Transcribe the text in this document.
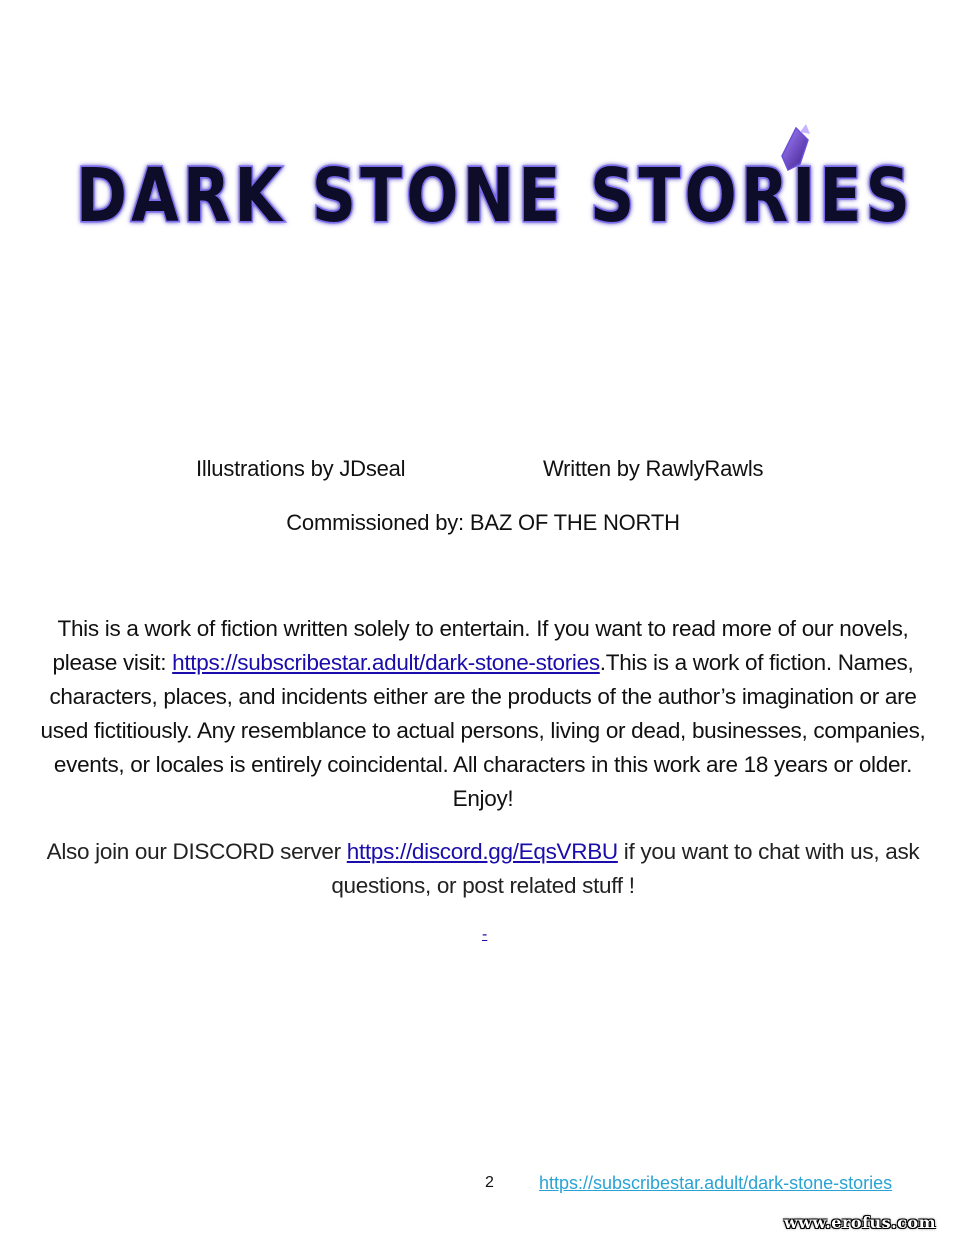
DARK STONE STORIES
Illustrations by JDseal	Written by RawlyRawls
Commissioned by: BAZ OF THE NORTH
This is a work of fiction written solely to entertain. If you want to read more of our novels, please visit: https://subscribestar.adult/dark-stone-stories.This is a work of fiction. Names, characters, places, and incidents either are the products of the author’s imagination or are used fictitiously. Any resemblance to actual persons, living or dead, businesses, companies, events, or locales is entirely coincidental. All characters in this work are 18 years or older. Enjoy!
Also join our DISCORD server https://discord.gg/EqsVRBU if you want to chat with us, ask questions, or post related stuff !
-
2	https://subscribestar.adult/dark-stone-stories
www.erofus.com
